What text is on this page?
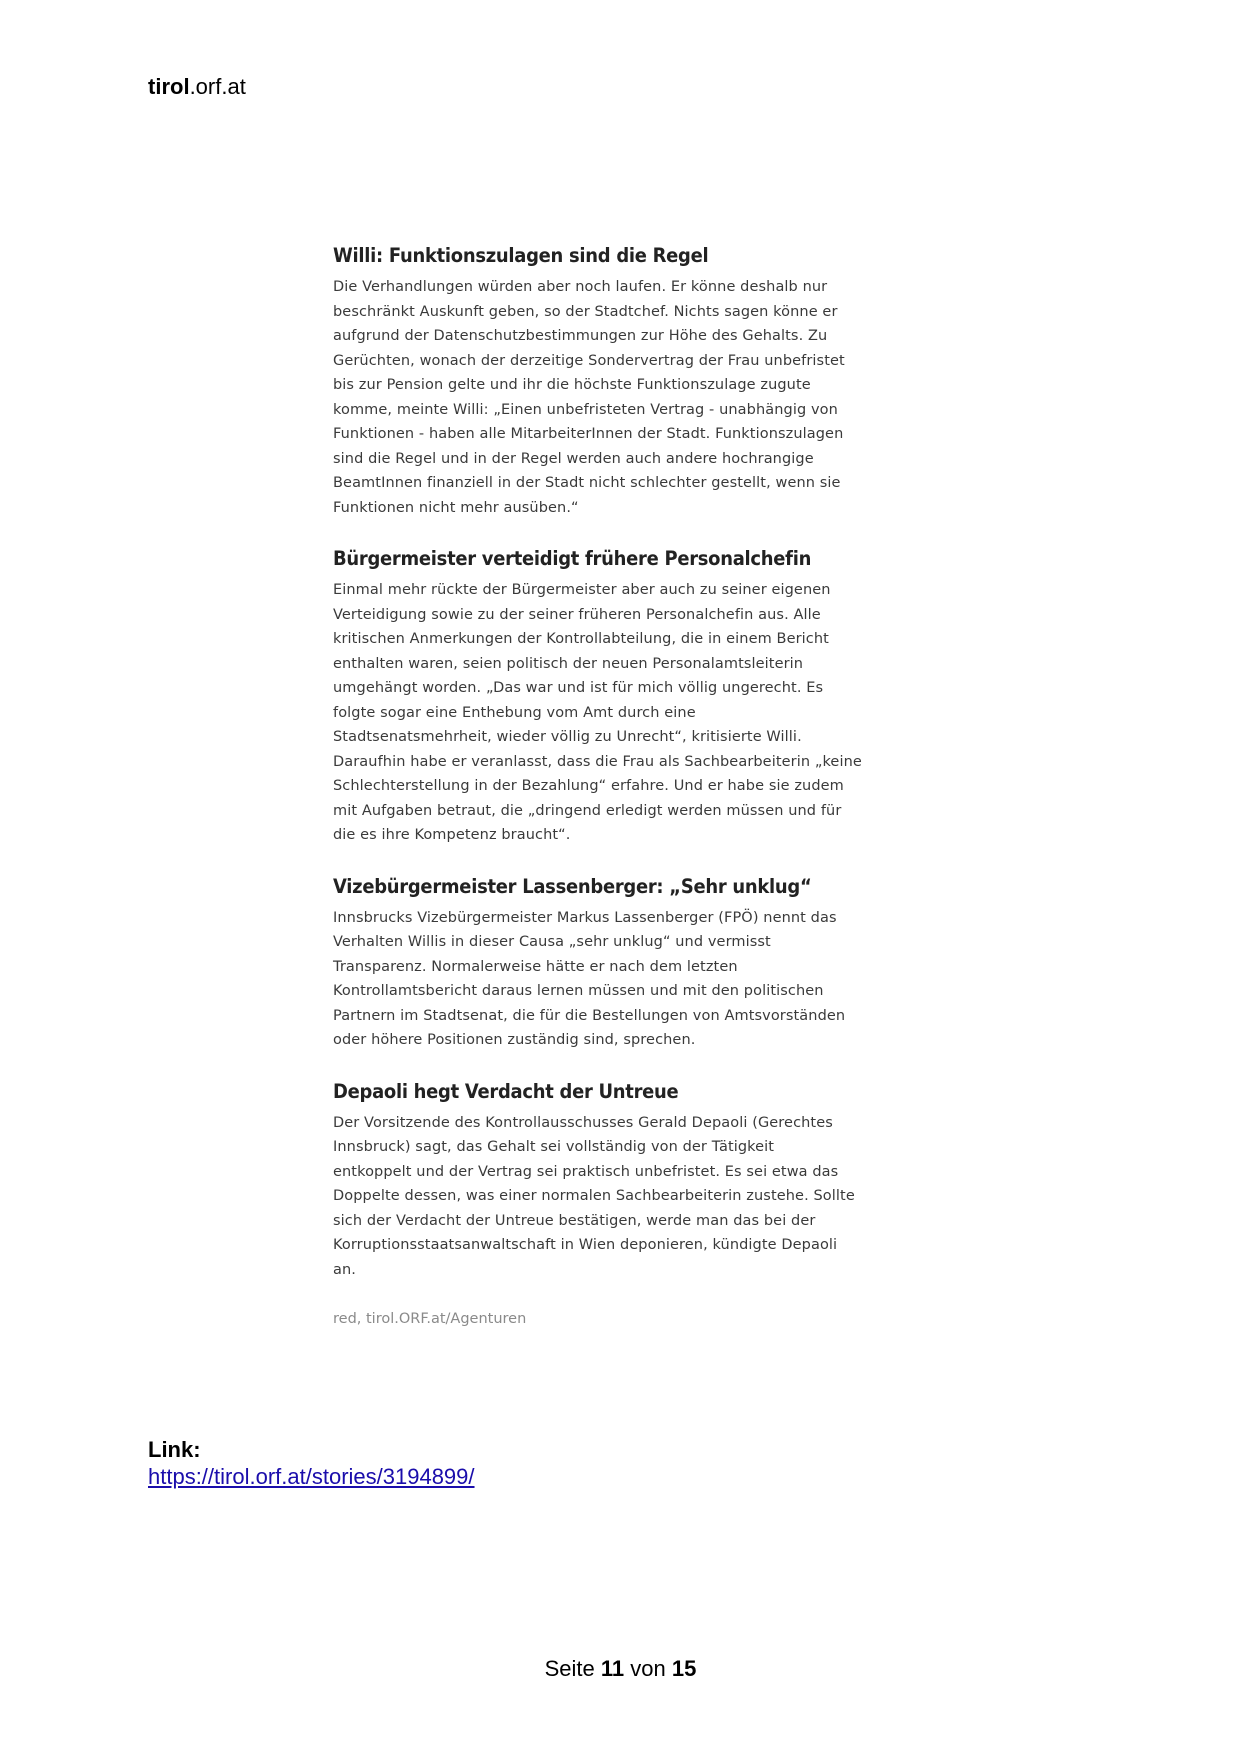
tirol.orf.at
Willi: Funktionszulagen sind die Regel
Die Verhandlungen würden aber noch laufen. Er könne deshalb nur
beschränkt Auskunft geben, so der Stadtchef. Nichts sagen könne er
aufgrund der Datenschutzbestimmungen zur Höhe des Gehalts. Zu
Gerüchten, wonach der derzeitige Sondervertrag der Frau unbefristet
bis zur Pension gelte und ihr die höchste Funktionszulage zugute
komme, meinte Willi: „Einen unbefristeten Vertrag - unabhängig von
Funktionen - haben alle MitarbeiterInnen der Stadt. Funktionszulagen
sind die Regel und in der Regel werden auch andere hochrangige
BeamtInnen finanziell in der Stadt nicht schlechter gestellt, wenn sie
Funktionen nicht mehr ausüben.“
Bürgermeister verteidigt frühere Personalchefin
Einmal mehr rückte der Bürgermeister aber auch zu seiner eigenen
Verteidigung sowie zu der seiner früheren Personalchefin aus. Alle
kritischen Anmerkungen der Kontrollabteilung, die in einem Bericht
enthalten waren, seien politisch der neuen Personalamtsleiterin
umgehängt worden. „Das war und ist für mich völlig ungerecht. Es
folgte sogar eine Enthebung vom Amt durch eine
Stadtsenatsmehrheit, wieder völlig zu Unrecht“, kritisierte Willi.
Daraufhin habe er veranlasst, dass die Frau als Sachbearbeiterin „keine
Schlechterstellung in der Bezahlung“ erfahre. Und er habe sie zudem
mit Aufgaben betraut, die „dringend erledigt werden müssen und für
die es ihre Kompetenz braucht“.
Vizebürgermeister Lassenberger: „Sehr unklug“
Innsbrucks Vizebürgermeister Markus Lassenberger (FPÖ) nennt das
Verhalten Willis in dieser Causa „sehr unklug“ und vermisst
Transparenz. Normalerweise hätte er nach dem letzten
Kontrollamtsbericht daraus lernen müssen und mit den politischen
Partnern im Stadtsenat, die für die Bestellungen von Amtsvorständen
oder höhere Positionen zuständig sind, sprechen.
Depaoli hegt Verdacht der Untreue
Der Vorsitzende des Kontrollausschusses Gerald Depaoli (Gerechtes
Innsbruck) sagt, das Gehalt sei vollständig von der Tätigkeit
entkoppelt und der Vertrag sei praktisch unbefristet. Es sei etwa das
Doppelte dessen, was einer normalen Sachbearbeiterin zustehe. Sollte
sich der Verdacht der Untreue bestätigen, werde man das bei der
Korruptionsstaatsanwaltschaft in Wien deponieren, kündigte Depaoli
an.
red, tirol.ORF.at/Agenturen
Link:
https://tirol.orf.at/stories/3194899/
Seite 11 von 15
